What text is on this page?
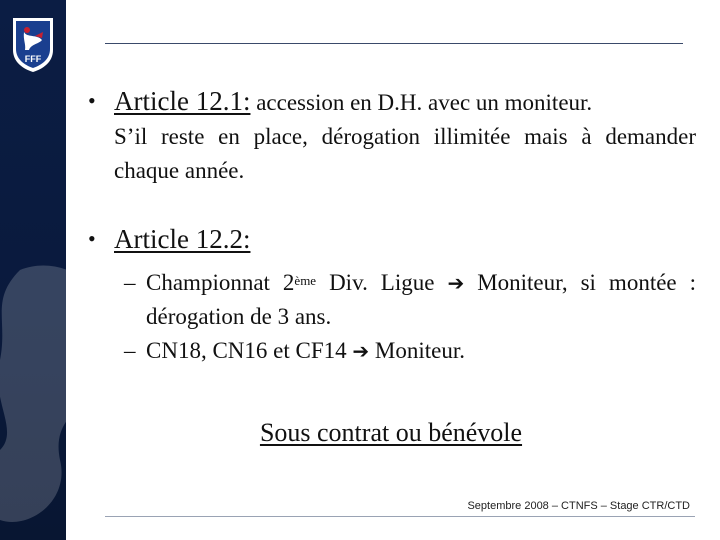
FFF
• Article 12.1: accession en D.H. avec un moniteur.
S’il reste en place, dérogation illimitée mais à demander chaque année.
• Article 12.2:
– Championnat 2ème Div. Ligue ➔ Moniteur, si montée : dérogation de 3 ans.
– CN18, CN16 et CF14 ➔ Moniteur.
Sous contrat ou bénévole
Septembre 2008 – CTNFS – Stage CTR/CTD
